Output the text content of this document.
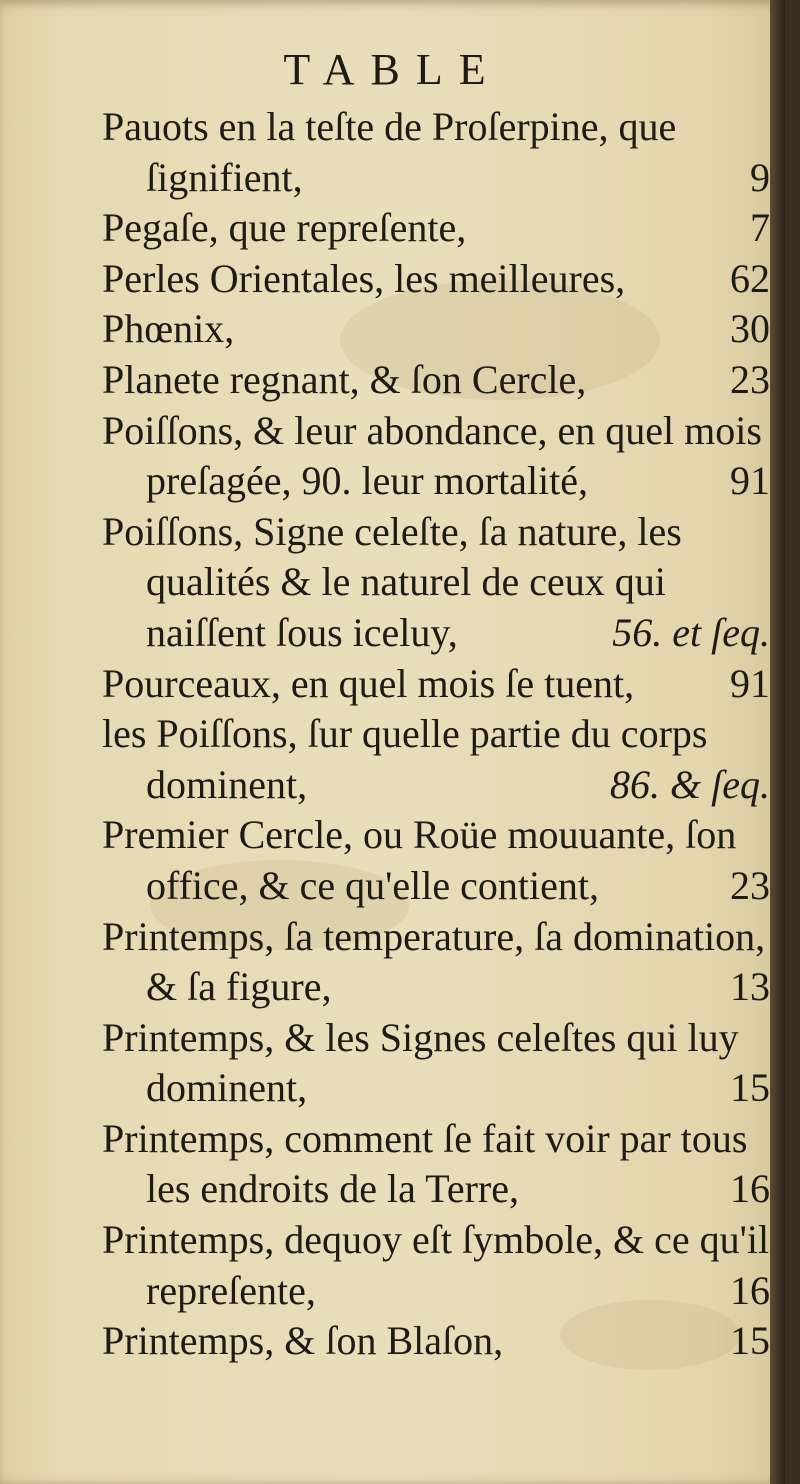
TABLE

Pauots en la teſte de Proſerpine, que ſignifient,	9

Pegaſe, que repreſente,	7

Perles Orientales, les meilleures,	62

Phœnix,	30

Planete regnant, & ſon Cercle,	23

Poiſſons, & leur abondance, en quel mois preſagée, 90. leur mortalité,	91

Poiſſons, Signe celeſte, ſa nature, les qualités & le naturel de ceux qui naiſſent ſous iceluy,	56. et ſeq.

Pourceaux, en quel mois ſe tuent,	91

les Poiſſons, ſur quelle partie du corps dominent,	86. & ſeq.

Premier Cercle, ou Roüe mouuante, ſon office, & ce qu'elle contient,	23

Printemps, ſa temperature, ſa domination, & ſa figure,	13

Printemps, & les Signes celeſtes qui luy dominent,	15

Printemps, comment ſe fait voir par tous les endroits de la Terre,	16

Printemps, dequoy eſt ſymbole, & ce qu'il repreſente,	16

Printemps, & ſon Blaſon,	15
